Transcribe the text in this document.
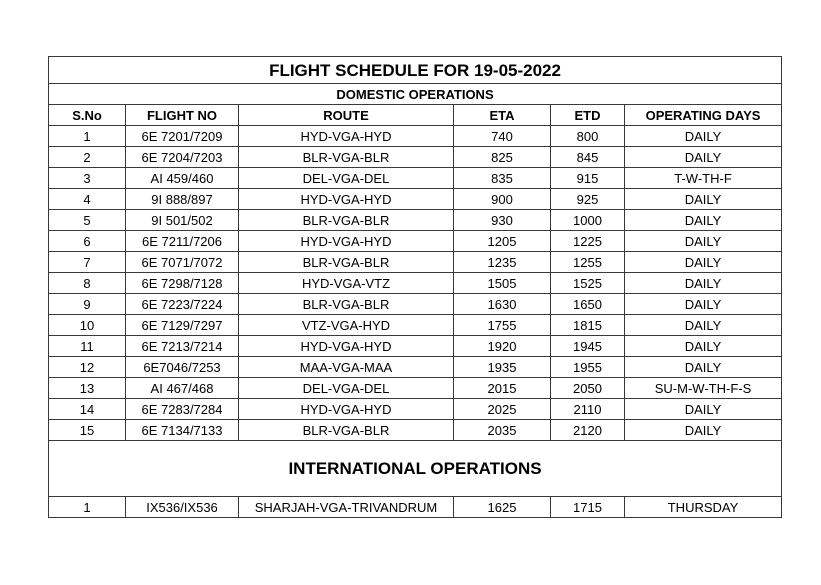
FLIGHT SCHEDULE FOR 19-05-2022					
DOMESTIC OPERATIONS					
S.No	FLIGHT NO	ROUTE	ETA	ETD	OPERATING DAYS
1	6E 7201/7209	HYD-VGA-HYD	740	800	DAILY
2	6E 7204/7203	BLR-VGA-BLR	825	845	DAILY
3	AI 459/460	DEL-VGA-DEL	835	915	T-W-TH-F
4	9I 888/897	HYD-VGA-HYD	900	925	DAILY
5	9I 501/502	BLR-VGA-BLR	930	1000	DAILY
6	6E 7211/7206	HYD-VGA-HYD	1205	1225	DAILY
7	6E 7071/7072	BLR-VGA-BLR	1235	1255	DAILY
8	6E 7298/7128	HYD-VGA-VTZ	1505	1525	DAILY
9	6E 7223/7224	BLR-VGA-BLR	1630	1650	DAILY
10	6E 7129/7297	VTZ-VGA-HYD	1755	1815	DAILY
11	6E 7213/7214	HYD-VGA-HYD	1920	1945	DAILY
12	6E7046/7253	MAA-VGA-MAA	1935	1955	DAILY
13	AI 467/468	DEL-VGA-DEL	2015	2050	SU-M-W-TH-F-S
14	6E 7283/7284	HYD-VGA-HYD	2025	2110	DAILY
15	6E 7134/7133	BLR-VGA-BLR	2035	2120	DAILY
INTERNATIONAL OPERATIONS					
1	IX536/IX536	SHARJAH-VGA-TRIVANDRUM	1625	1715	THURSDAY
